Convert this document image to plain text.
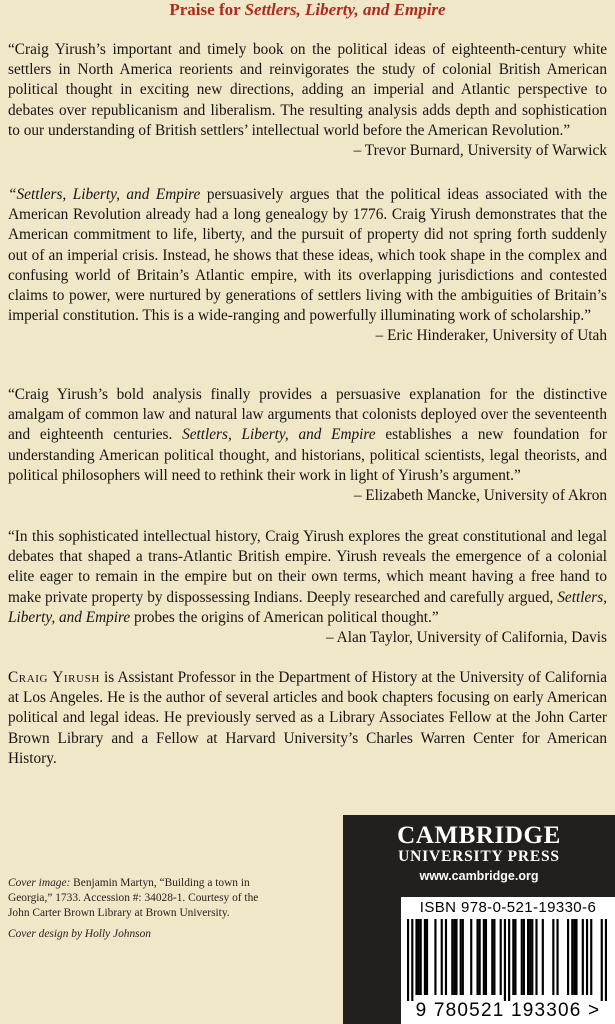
Praise for Settlers, Liberty, and Empire
“Craig Yirush’s important and timely book on the political ideas of eighteenth-century white settlers in North America reorients and reinvigorates the study of colonial British American political thought in exciting new directions, adding an imperial and Atlantic perspective to debates over republicanism and liberalism. The resulting analysis adds depth and sophistication to our understanding of British settlers’ intellectual world before the American Revolution.”
– Trevor Burnard, University of Warwick
“Settlers, Liberty, and Empire persuasively argues that the political ideas associated with the American Revolution already had a long genealogy by 1776. Craig Yirush demonstrates that the American commitment to life, liberty, and the pursuit of property did not spring forth suddenly out of an imperial crisis. Instead, he shows that these ideas, which took shape in the complex and confusing world of Britain’s Atlantic empire, with its overlapping jurisdictions and contested claims to power, were nurtured by generations of settlers living with the ambiguities of Britain’s imperial constitution. This is a wide-ranging and powerfully illuminating work of scholarship.”
– Eric Hinderaker, University of Utah
“Craig Yirush’s bold analysis finally provides a persuasive explanation for the distinctive amalgam of common law and natural law arguments that colonists deployed over the seventeenth and eighteenth centuries. Settlers, Liberty, and Empire establishes a new foundation for understanding American political thought, and historians, political scientists, legal theorists, and political philosophers will need to rethink their work in light of Yirush’s argument.”
– Elizabeth Mancke, University of Akron
“In this sophisticated intellectual history, Craig Yirush explores the great constitutional and legal debates that shaped a trans-Atlantic British empire. Yirush reveals the emergence of a colonial elite eager to remain in the empire but on their own terms, which meant having a free hand to make private property by dispossessing Indians. Deeply researched and carefully argued, Settlers, Liberty, and Empire probes the origins of American political thought.”
– Alan Taylor, University of California, Davis
Craig Yirush is Assistant Professor in the Department of History at the University of California at Los Angeles. He is the author of several articles and book chapters focusing on early American political and legal ideas. He previously served as a Library Associates Fellow at the John Carter Brown Library and a Fellow at Harvard University’s Charles Warren Center for American History.

Cover image: Benjamin Martyn, “Building a town in Georgia,” 1733. Accession #: 34028-1. Courtesy of the John Carter Brown Library at Brown University.

Cover design by Holly Johnson

CAMBRIDGE
UNIVERSITY PRESS
www.cambridge.org
ISBN 978-0-521-19330-6
9 780521 193306 >
